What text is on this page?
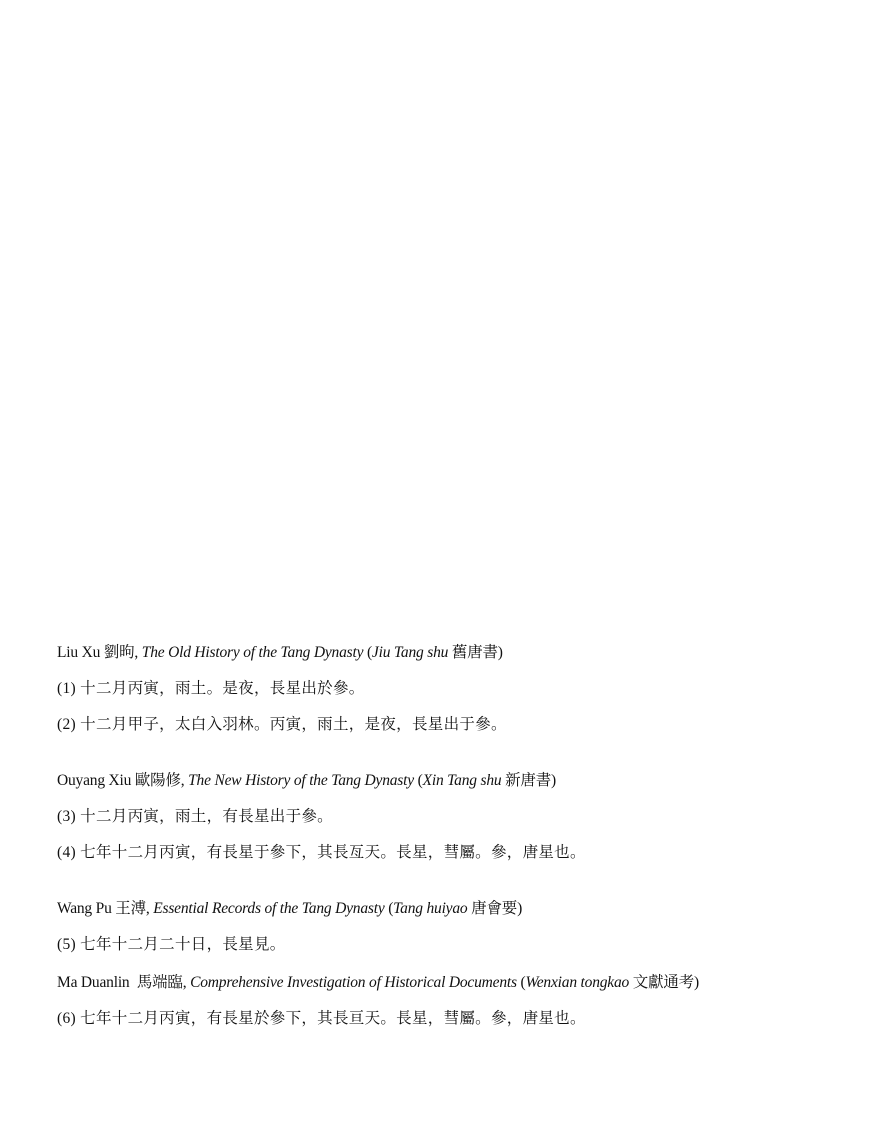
Liu Xu 劉昫, The Old History of the Tang Dynasty (Jiu Tang shu 舊唐書)
(1) 十二月丙寅，雨土。是夜，長星出於參。
(2) 十二月甲子，太白入羽林。丙寅，雨土，是夜，長星出于參。
Ouyang Xiu 歐陽修, The New History of the Tang Dynasty (Xin Tang shu 新唐書)
(3) 十二月丙寅，雨土，有長星出于參。
(4) 七年十二月丙寅，有長星于參下，其長亙天。長星，彗屬。參，唐星也。
Wang Pu 王溥, Essential Records of the Tang Dynasty (Tang huiyao 唐會要)
(5) 七年十二月二十日，長星見。
Ma Duanlin  馬端臨, Comprehensive Investigation of Historical Documents (Wenxian tongkao 文獻通考)
(6) 七年十二月丙寅，有長星於參下，其長亘天。長星，彗屬。參，唐星也。
